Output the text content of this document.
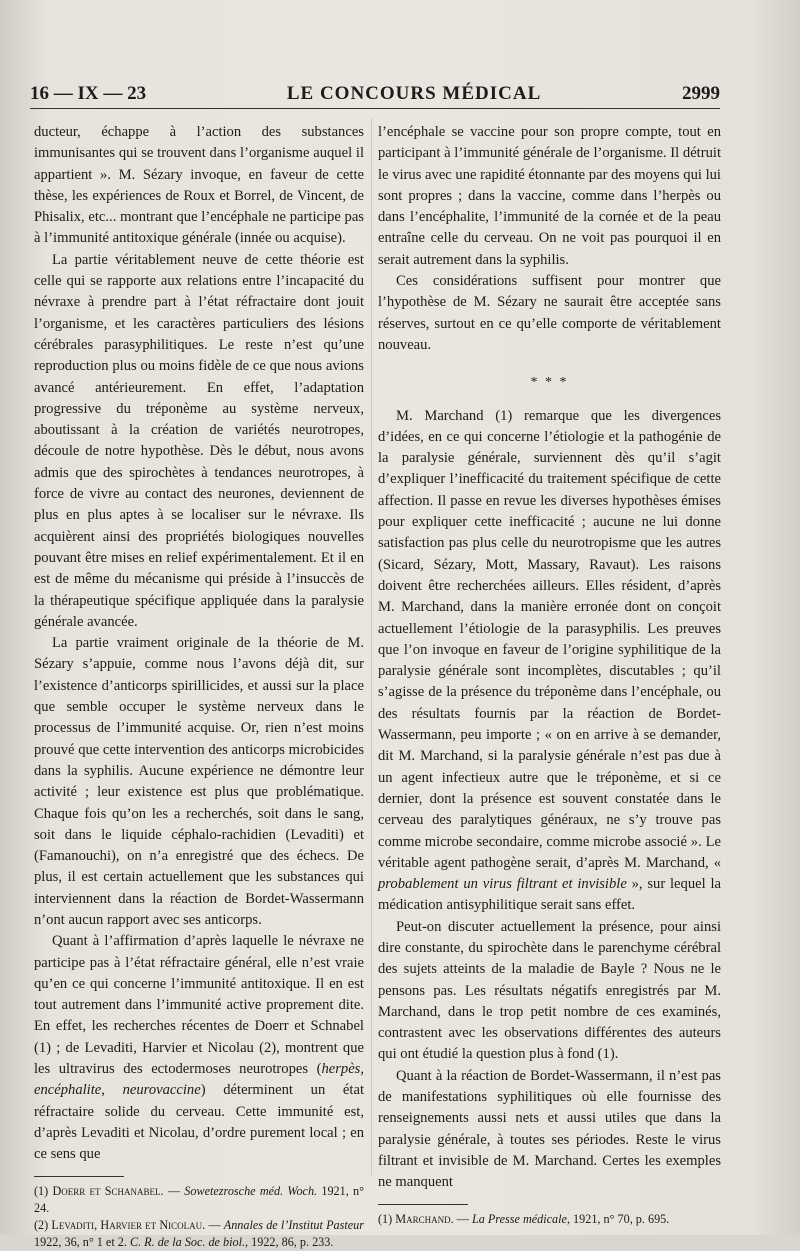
16 — IX — 23	LE CONCOURS MÉDICAL	2999

ducteur, échappe à l’action des substances immunisantes qui se trouvent dans l’organisme auquel il appartient ». M. Sézary invoque, en faveur de cette thèse, les expériences de Roux et Borrel, de Vincent, de Phisalix, etc... montrant que l’encéphale ne participe pas à l’immunité antitoxique générale (innée ou acquise).

La partie véritablement neuve de cette théorie est celle qui se rapporte aux relations entre l’incapacité du névraxe à prendre part à l’état réfractaire dont jouit l’organisme, et les caractères particuliers des lésions cérébrales parasyphilitiques. Le reste n’est qu’une reproduction plus ou moins fidèle de ce que nous avions avancé antérieurement. En effet, l’adaptation progressive du tréponème au système nerveux, aboutissant à la création de variétés neurotropes, découle de notre hypothèse. Dès le début, nous avons admis que des spirochètes à tendances neurotropes, à force de vivre au contact des neurones, deviennent de plus en plus aptes à se localiser sur le névraxe. Ils acquièrent ainsi des propriétés biologiques nouvelles pouvant être mises en relief expérimentalement. Et il en est de même du mécanisme qui préside à l’insuccès de la thérapeutique spécifique appliquée dans la paralysie générale avancée.

La partie vraiment originale de la théorie de M. Sézary s’appuie, comme nous l’avons déjà dit, sur l’existence d’anticorps spirillicides, et aussi sur la place que semble occuper le système nerveux dans le processus de l’immunité acquise. Or, rien n’est moins prouvé que cette intervention des anticorps microbicides dans la syphilis. Aucune expérience ne démontre leur activité ; leur existence est plus que problématique. Chaque fois qu’on les a recherchés, soit dans le sang, soit dans le liquide céphalo-rachidien (Levaditi) et (Famanouchi), on n’a enregistré que des échecs. De plus, il est certain actuellement que les substances qui interviennent dans la réaction de Bordet-Wassermann n’ont aucun rapport avec ses anticorps.

Quant à l’affirmation d’après laquelle le névraxe ne participe pas à l’état réfractaire général, elle n’est vraie qu’en ce qui concerne l’immunité antitoxique. Il en est tout autrement dans l’immunité active proprement dite. En effet, les recherches récentes de Doerr et Schnabel (1) ; de Levaditi, Harvier et Nicolau (2), montrent que les ultravirus des ectodermoses neurotropes (herpès, encéphalite, neurovaccine) déterminent un état réfractaire solide du cerveau. Cette immunité est, d’après Levaditi et Nicolau, d’ordre purement local ; en ce sens que

(1) Doerr et Schanabel. — Sowetezrosche méd. Woch. 1921, n° 24.

(2) Levaditi, Harvier et Nicolau. — Annales de l’Institut Pasteur 1922, 36, n° 1 et 2. C. R. de la Soc. de biol., 1922, 86, p. 233.

l’encéphale se vaccine pour son propre compte, tout en participant à l’immunité générale de l’organisme. Il détruit le virus avec une rapidité étonnante par des moyens qui lui sont propres ; dans la vaccine, comme dans l’herpès ou dans l’encéphalite, l’immunité de la cornée et de la peau entraîne celle du cerveau. On ne voit pas pourquoi il en serait autrement dans la syphilis.

Ces considérations suffisent pour montrer que l’hypothèse de M. Sézary ne saurait être acceptée sans réserves, surtout en ce qu’elle comporte de véritablement nouveau.

* * *

M. Marchand (1) remarque que les divergences d’idées, en ce qui concerne l’étiologie et la pathogénie de la paralysie générale, surviennent dès qu’il s’agit d’expliquer l’inefficacité du traitement spécifique de cette affection. Il passe en revue les diverses hypothèses émises pour expliquer cette inefficacité ; aucune ne lui donne satisfaction pas plus celle du neurotropisme que les autres (Sicard, Sézary, Mott, Massary, Ravaut). Les raisons doivent être recherchées ailleurs. Elles résident, d’après M. Marchand, dans la manière erronée dont on conçoit actuellement l’étiologie de la parasyphilis. Les preuves que l’on invoque en faveur de l’origine syphilitique de la paralysie générale sont incomplètes, discutables ; qu’il s’agisse de la présence du tréponème dans l’encéphale, ou des résultats fournis par la réaction de Bordet-Wassermann, peu importe ; « on en arrive à se demander, dit M. Marchand, si la paralysie générale n’est pas due à un agent infectieux autre que le tréponème, et si ce dernier, dont la présence est souvent constatée dans le cerveau des paralytiques généraux, ne s’y trouve pas comme microbe secondaire, comme microbe associé ». Le véritable agent pathogène serait, d’après M. Marchand, « probablement un virus filtrant et invisible », sur lequel la médication antisyphilitique serait sans effet.

Peut-on discuter actuellement la présence, pour ainsi dire constante, du spirochète dans le parenchyme cérébral des sujets atteints de la maladie de Bayle ? Nous ne le pensons pas. Les résultats négatifs enregistrés par M. Marchand, dans le trop petit nombre de ces examinés, contrastent avec les observations différentes des auteurs qui ont étudié la question plus à fond (1).

Quant à la réaction de Bordet-Wassermann, il n’est pas de manifestations syphilitiques où elle fournisse des renseignements aussi nets et aussi utiles que dans la paralysie générale, à toutes ses périodes. Reste le virus filtrant et invisible de M. Marchand. Certes les exemples ne manquent

(1) Marchand. — La Presse médicale, 1921, n° 70, p. 695.
